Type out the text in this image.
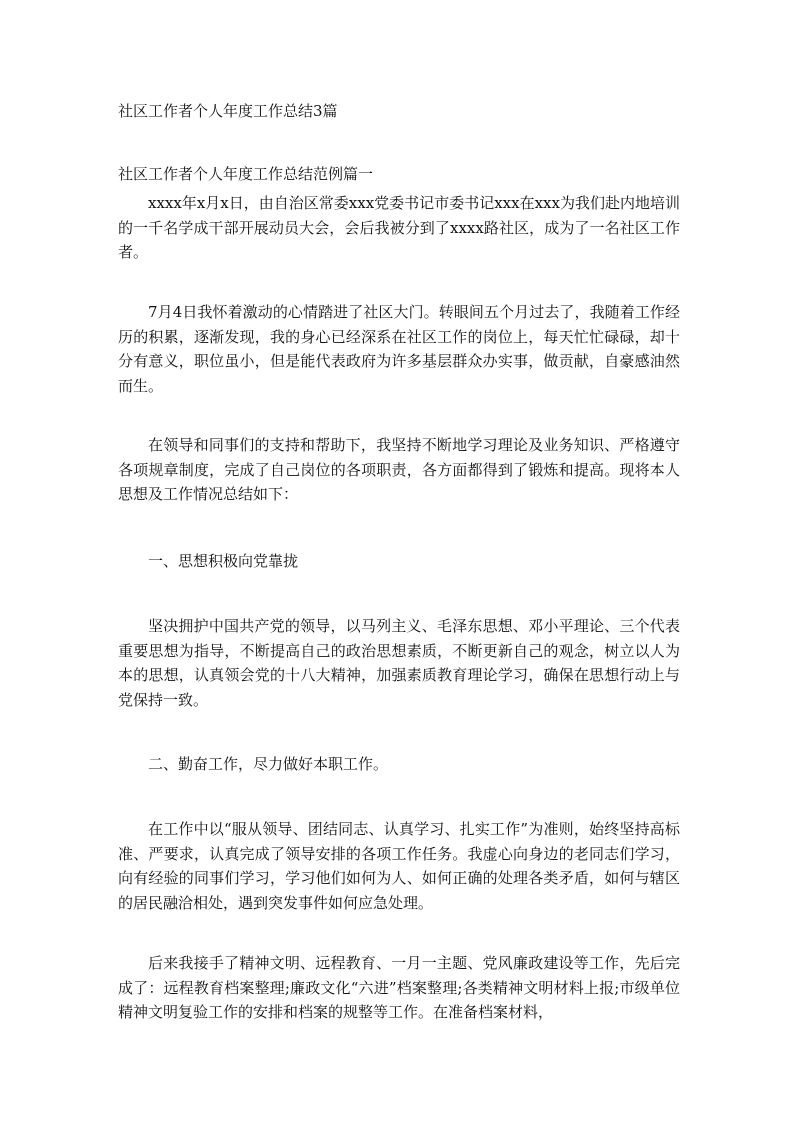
社区工作者个人年度工作总结3篇
社区工作者个人年度工作总结范例篇一

xxxx年x月x日，由自治区常委xxx党委书记市委书记xxx在xxx为我们赴内地培训的一千名学成干部开展动员大会，会后我被分到了xxxx路社区，成为了一名社区工作者。

7月4日我怀着激动的心情踏进了社区大门。转眼间五个月过去了，我随着工作经历的积累，逐渐发现，我的身心已经深系在社区工作的岗位上，每天忙忙碌碌，却十分有意义，职位虽小，但是能代表政府为许多基层群众办实事，做贡献，自豪感油然而生。

在领导和同事们的支持和帮助下，我坚持不断地学习理论及业务知识、严格遵守各项规章制度，完成了自己岗位的各项职责，各方面都得到了锻炼和提高。现将本人思想及工作情况总结如下：

一、思想积极向党靠拢

坚决拥护中国共产党的领导，以马列主义、毛泽东思想、邓小平理论、三个代表重要思想为指导，不断提高自己的政治思想素质，不断更新自己的观念，树立以人为本的思想，认真领会党的十八大精神，加强素质教育理论学习，确保在思想行动上与党保持一致。

二、勤奋工作，尽力做好本职工作。

在工作中以“服从领导、团结同志、认真学习、扎实工作”为准则，始终坚持高标准、严要求，认真完成了领导安排的各项工作任务。我虚心向身边的老同志们学习，向有经验的同事们学习，学习他们如何为人、如何正确的处理各类矛盾，如何与辖区的居民融洽相处，遇到突发事件如何应急处理。

后来我接手了精神文明、远程教育、一月一主题、党风廉政建设等工作，先后完成了：远程教育档案整理;廉政文化“六进”档案整理;各类精神文明材料上报;市级单位精神文明复验工作的安排和档案的规整等工作。在准备档案材料，
